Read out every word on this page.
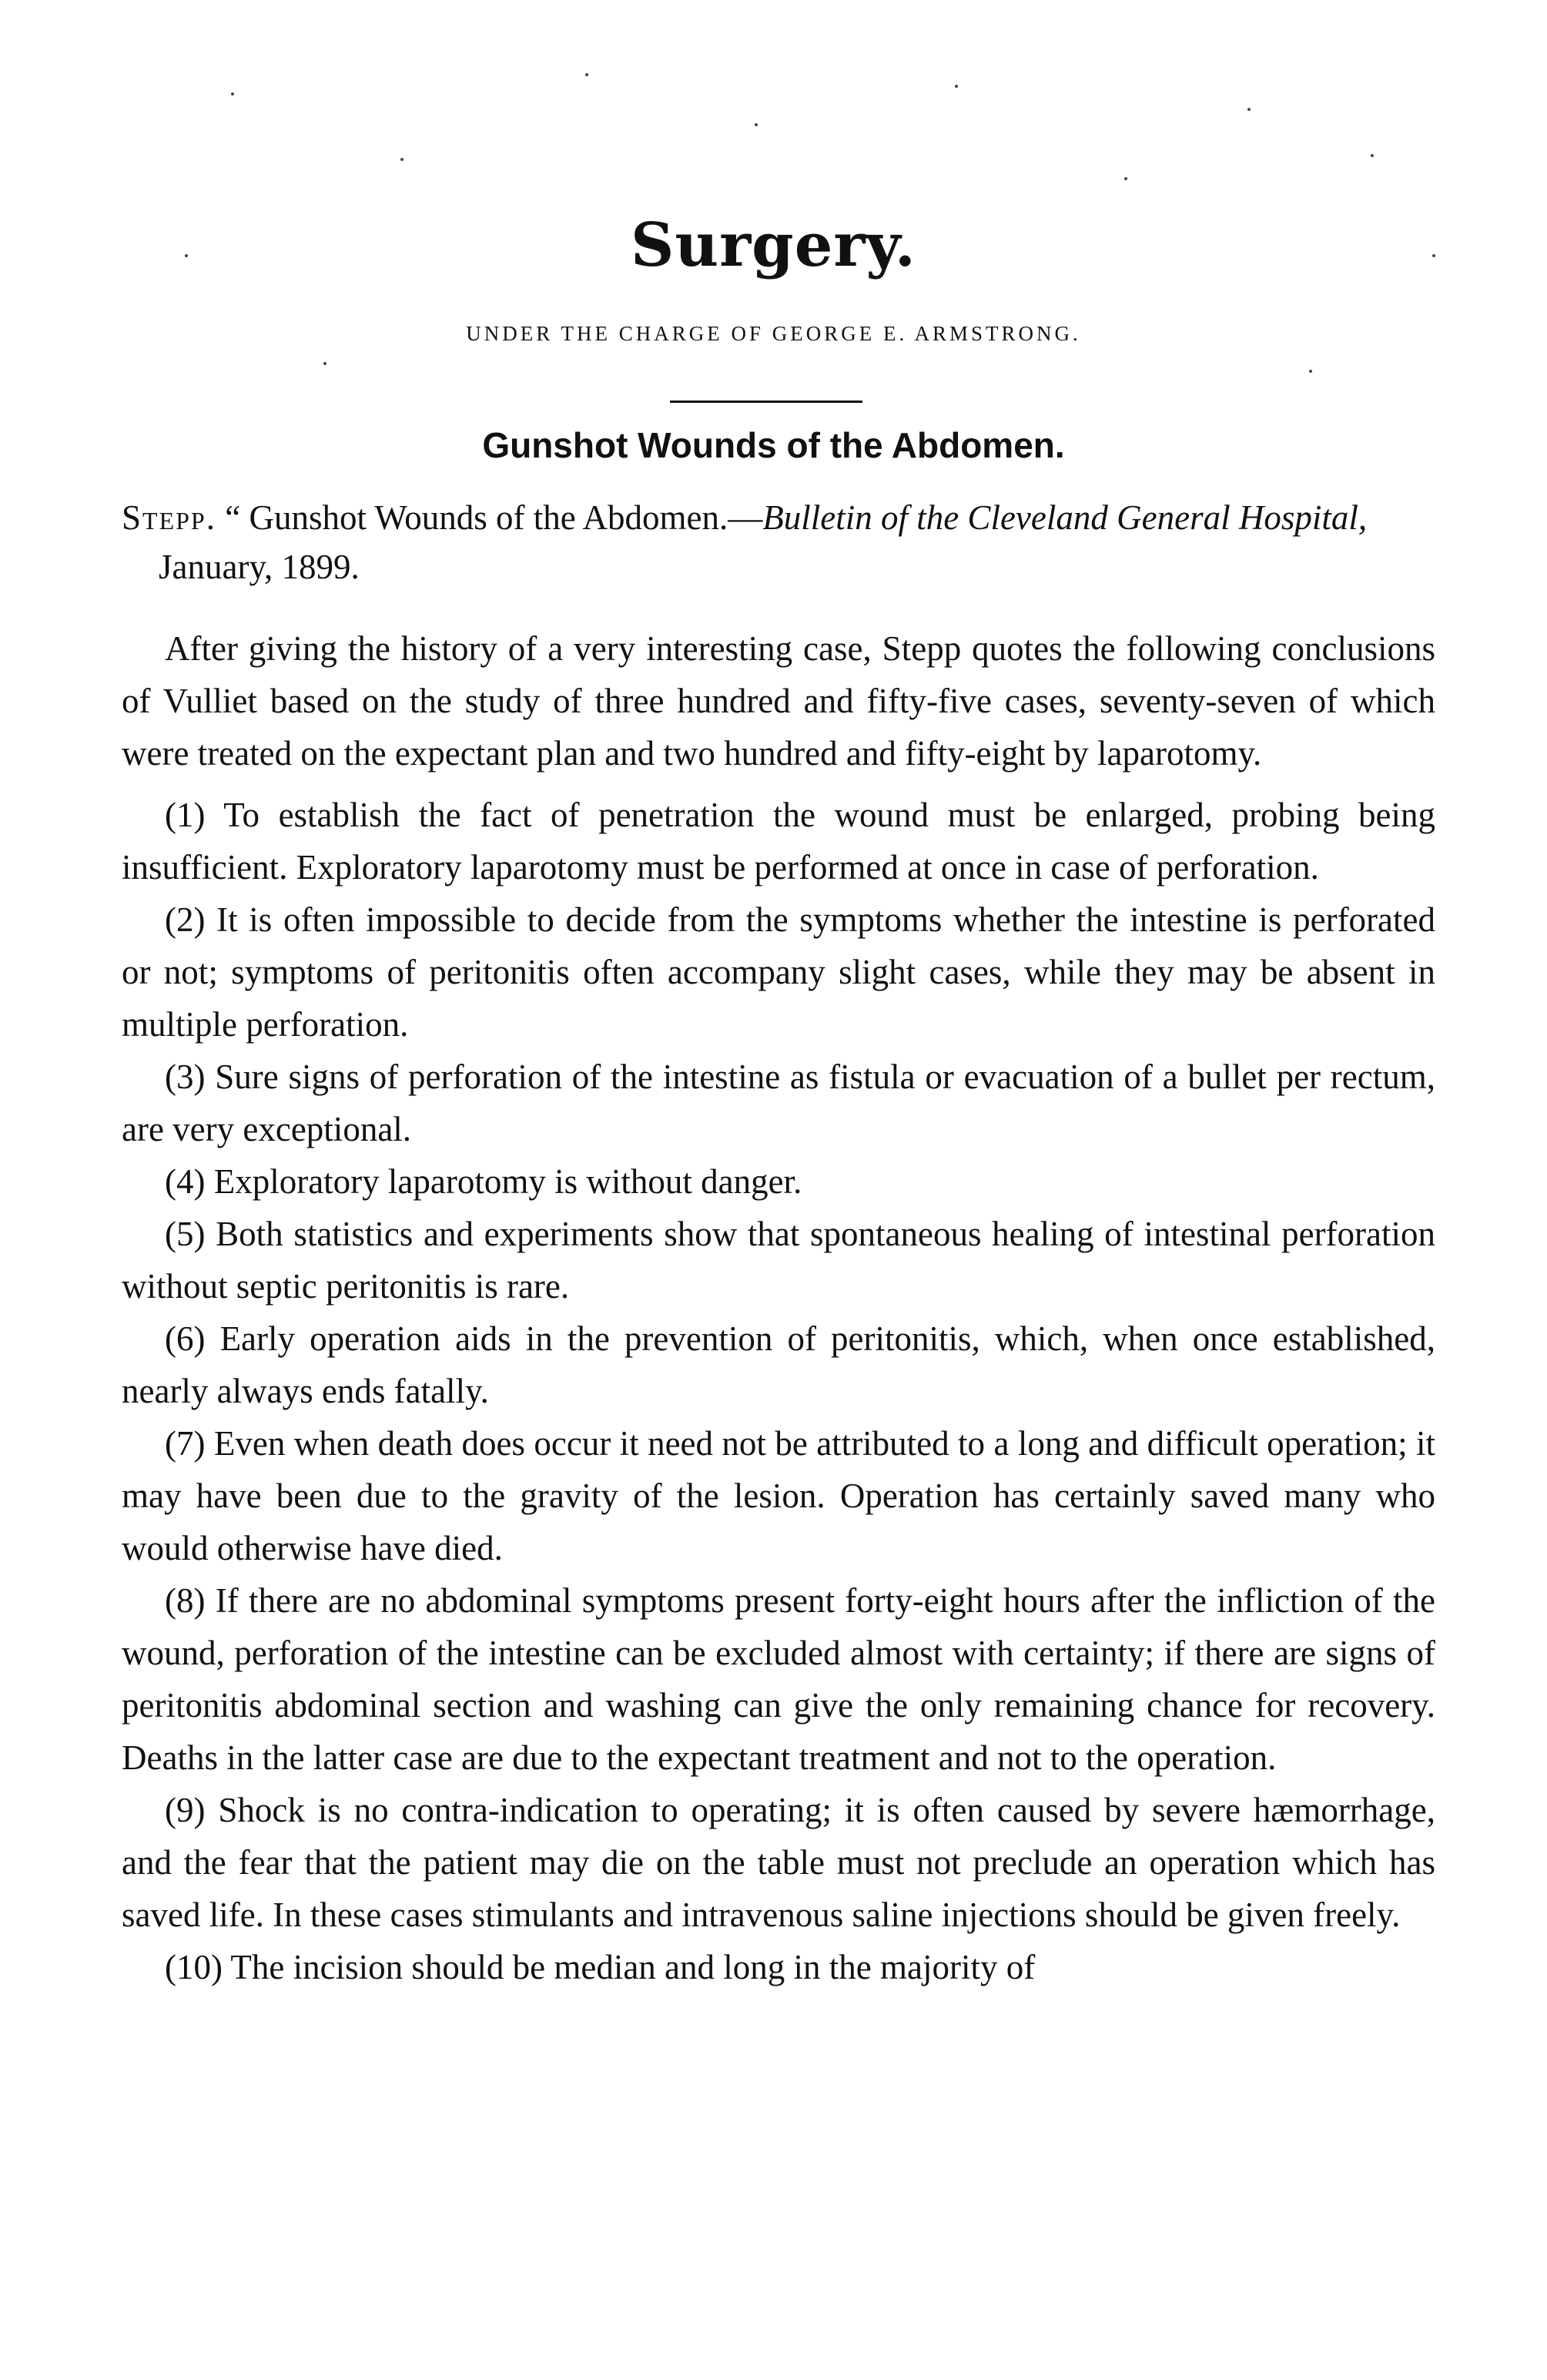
Surgery.
UNDER THE CHARGE OF GEORGE E. ARMSTRONG.
Gunshot Wounds of the Abdomen.
Stepp. “ Gunshot Wounds of the Abdomen.—Bulletin of the Cleveland General Hospital, January, 1899.

After giving the history of a very interesting case, Stepp quotes the following conclusions of Vulliet based on the study of three hundred and fifty-five cases, seventy-seven of which were treated on the expectant plan and two hundred and fifty-eight by laparotomy.

(1) To establish the fact of penetration the wound must be enlarged, probing being insufficient. Exploratory laparotomy must be performed at once in case of perforation.

(2) It is often impossible to decide from the symptoms whether the intestine is perforated or not; symptoms of peritonitis often accompany slight cases, while they may be absent in multiple perforation.

(3) Sure signs of perforation of the intestine as fistula or evacuation of a bullet per rectum, are very exceptional.

(4) Exploratory laparotomy is without danger.

(5) Both statistics and experiments show that spontaneous healing of intestinal perforation without septic peritonitis is rare.

(6) Early operation aids in the prevention of peritonitis, which, when once established, nearly always ends fatally.

(7) Even when death does occur it need not be attributed to a long and difficult operation; it may have been due to the gravity of the lesion. Operation has certainly saved many who would otherwise have died.

(8) If there are no abdominal symptoms present forty-eight hours after the infliction of the wound, perforation of the intestine can be excluded almost with certainty; if there are signs of peritonitis abdominal section and washing can give the only remaining chance for recovery. Deaths in the latter case are due to the expectant treatment and not to the operation.

(9) Shock is no contra-indication to operating; it is often caused by severe hæmorrhage, and the fear that the patient may die on the table must not preclude an operation which has saved life. In these cases stimulants and intravenous saline injections should be given freely.

(10) The incision should be median and long in the majority of
